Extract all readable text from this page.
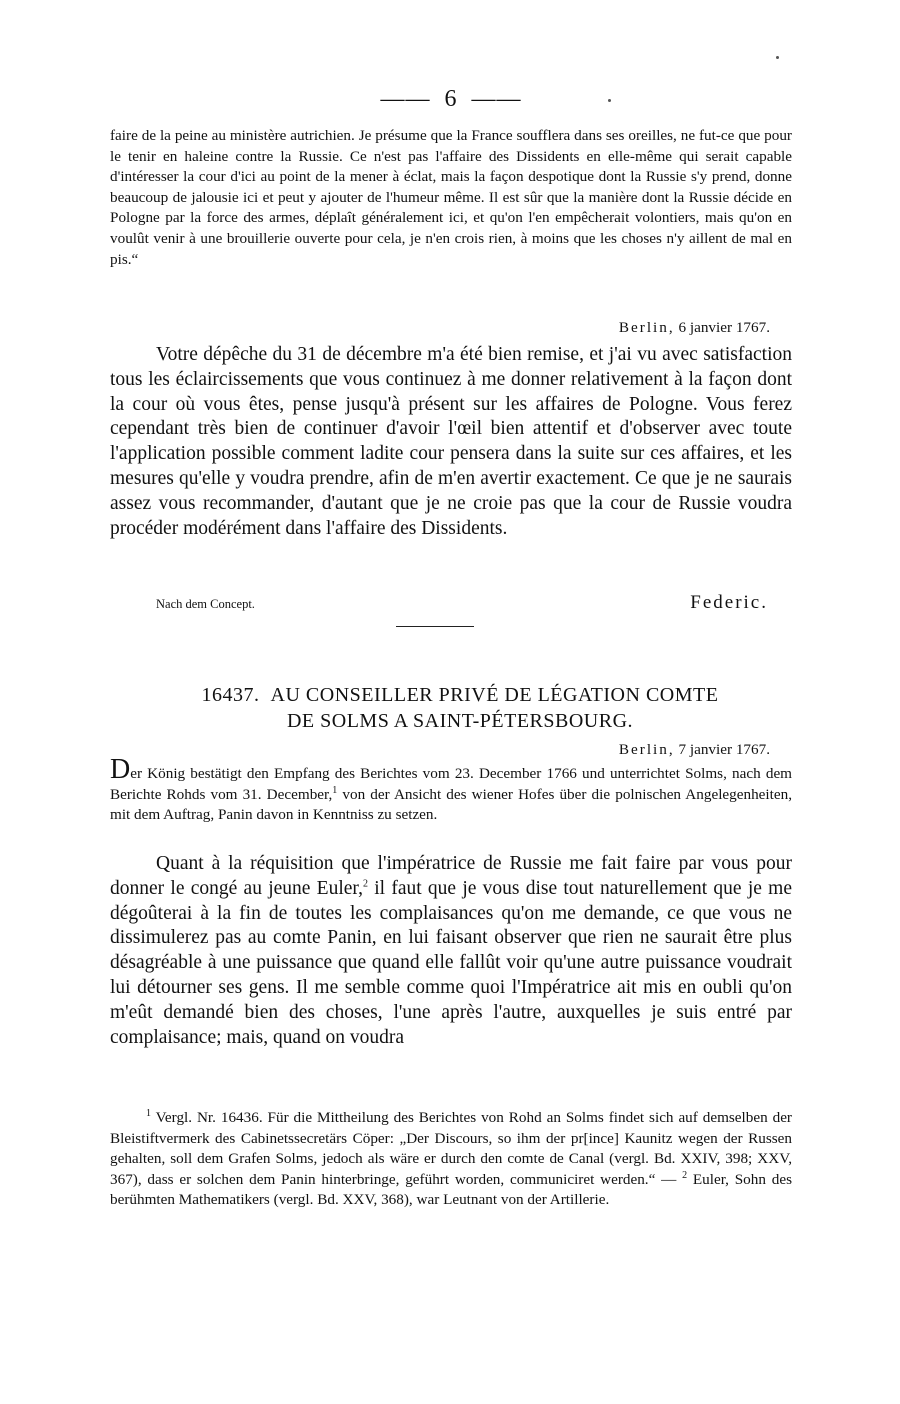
—— 6 ——

faire de la peine au ministère autrichien. Je présume que la France soufflera dans ses oreilles, ne fut-ce que pour le tenir en haleine contre la Russie. Ce n'est pas l'affaire des Dissidents en elle-même qui serait capable d'intéresser la cour d'ici au point de la mener à éclat, mais la façon despotique dont la Russie s'y prend, donne beaucoup de jalousie ici et peut y ajouter de l'humeur même. Il est sûr que la manière dont la Russie décide en Pologne par la force des armes, déplaît généralement ici, et qu'on l'en empêcherait volontiers, mais qu'on en voulût venir à une brouillerie ouverte pour cela, je n'en crois rien, à moins que les choses n'y aillent de mal en pis.“

Berlin, 6 janvier 1767.

Votre dépêche du 31 de décembre m'a été bien remise, et j'ai vu avec satisfaction tous les éclaircissements que vous continuez à me donner relativement à la façon dont la cour où vous êtes, pense jusqu'à présent sur les affaires de Pologne. Vous ferez cependant très bien de continuer d'avoir l'œil bien attentif et d'observer avec toute l'application possible comment ladite cour pensera dans la suite sur ces affaires, et les mesures qu'elle y voudra prendre, afin de m'en avertir exactement. Ce que je ne saurais assez vous recommander, d'autant que je ne croie pas que la cour de Russie voudra procéder modérément dans l'affaire des Dissidents.

Nach dem Concept.	Federic.
16437. AU CONSEILLER PRIVÉ DE LÉGATION COMTE
DE SOLMS A SAINT-PÉTERSBOURG.
Berlin, 7 janvier 1767.

Der König bestätigt den Empfang des Berichtes vom 23. December 1766 und unterrichtet Solms, nach dem Berichte Rohds vom 31. December,$^1$ von der Ansicht des wiener Hofes über die polnischen Angelegenheiten, mit dem Auftrag, Panin davon in Kenntniss zu setzen.

Quant à la réquisition que l'impératrice de Russie me fait faire par vous pour donner le congé au jeune Euler,$^2$ il faut que je vous dise tout naturellement que je me dégoûterai à la fin de toutes les complaisances qu'on me demande, ce que vous ne dissimulerez pas au comte Panin, en lui faisant observer que rien ne saurait être plus désagréable à une puissance que quand elle fallût voir qu'une autre puissance voudrait lui détourner ses gens. Il me semble comme quoi l'Impératrice ait mis en oubli qu'on m'eût demandé bien des choses, l'une après l'autre, auxquelles je suis entré par complaisance; mais, quand on voudra

$^1$ Vergl. Nr. 16436. Für die Mittheilung des Berichtes von Rohd an Solms findet sich auf demselben der Bleistiftvermerk des Cabinetssecretärs Cöper: „Der Discours, so ihm der pr[ince] Kaunitz wegen der Russen gehalten, soll dem Grafen Solms, jedoch als wäre er durch den comte de Canal (vergl. Bd. XXIV, 398; XXV, 367), dass er solchen dem Panin hinterbringe, geführt worden, communiciret werden.“ — $^2$ Euler, Sohn des berühmten Mathematikers (vergl. Bd. XXV, 368), war Leutnant von der Artillerie.
